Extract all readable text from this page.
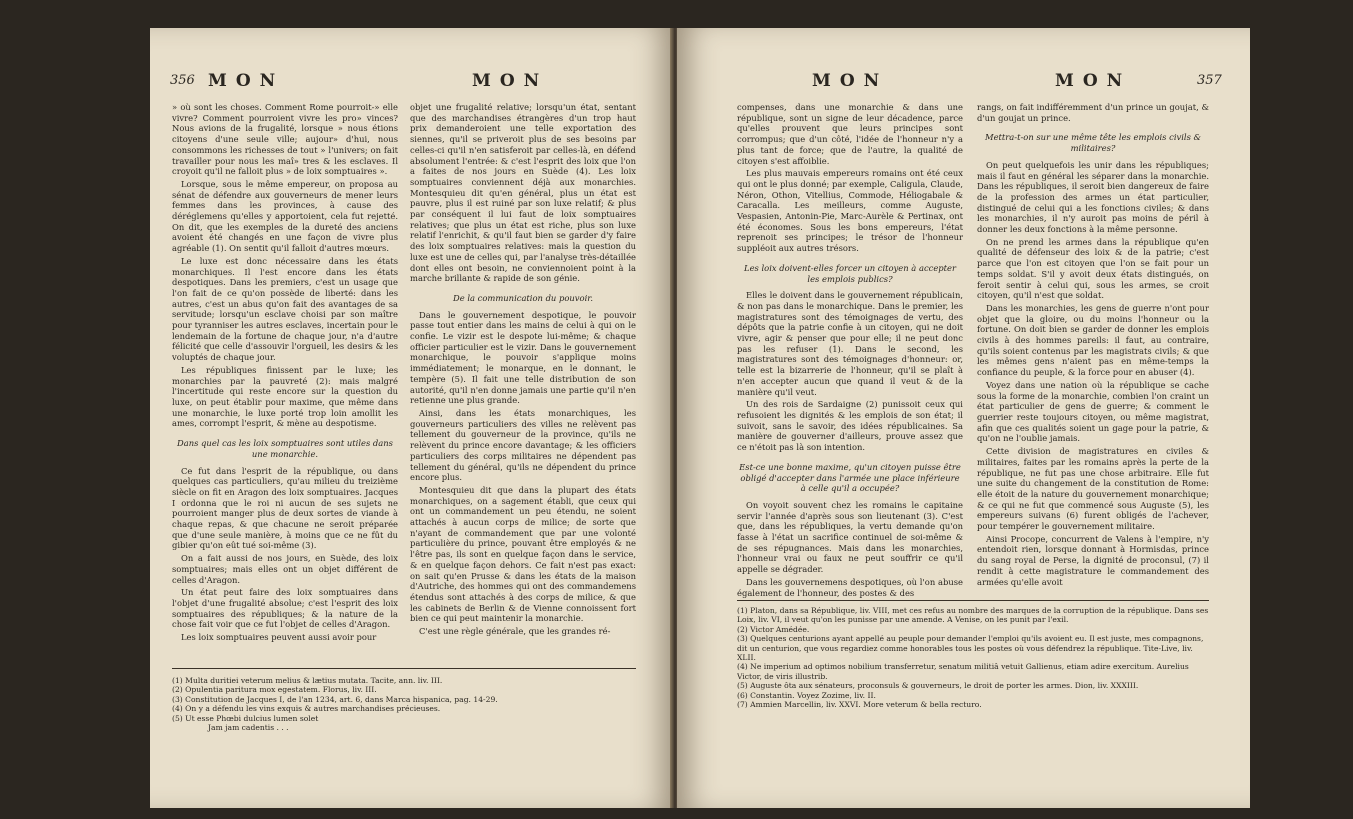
356 MON	MON

» où sont les choses. Comment Rome pourroit-» elle vivre? Comment pourroient vivre les pro» vinces? Nous avions de la frugalité, lorsque » nous étions citoyens d'une seule ville; aujour» d'hui, nous consommons les richesses de tout » l'univers; on fait travailler pour nous les maî» tres & les esclaves. Il croyoit qu'il ne falloit plus » de loix somptuaires ».

Lorsque, sous le même empereur, on proposa au sénat de défendre aux gouverneurs de mener leurs femmes dans les provinces, à cause des déréglemens qu'elles y apportoient, cela fut rejetté. On dit, que les exemples de la dureté des anciens avoient été changés en une façon de vivre plus agréable (1). On sentit qu'il falloit d'autres mœurs.

Le luxe est donc nécessaire dans les états monarchiques. Il l'est encore dans les états despotiques. Dans les premiers, c'est un usage que l'on fait de ce qu'on possède de liberté: dans les autres, c'est un abus qu'on fait des avantages de sa servitude; lorsqu'un esclave choisi par son maître pour tyranniser les autres esclaves, incertain pour le lendemain de la fortune de chaque jour, n'a d'autre félicité que celle d'assouvir l'orgueil, les desirs & les voluptés de chaque jour.

Les républiques finissent par le luxe; les monarchies par la pauvreté (2): mais malgré l'incertitude qui reste encore sur la question du luxe, on peut établir pour maxime, que même dans une monarchie, le luxe porté trop loin amollit les ames, corrompt l'esprit, & mène au despotisme.

Dans quel cas les loix somptuaires sont utiles dans une monarchie.

Ce fut dans l'esprit de la république, ou dans quelques cas particuliers, qu'au milieu du treizième siècle on fit en Aragon des loix somptuaires. Jacques I ordonna que le roi ni aucun de ses sujets ne pourroient manger plus de deux sortes de viande à chaque repas, & que chacune ne seroit préparée que d'une seule manière, à moins que ce ne fût du gibier qu'on eût tué soi-même (3).

On a fait aussi de nos jours, en Suède, des loix somptuaires; mais elles ont un objet différent de celles d'Aragon.

Un état peut faire des loix somptuaires dans l'objet d'une frugalité absolue; c'est l'esprit des loix somptuaires des républiques; & la nature de la chose fait voir que ce fut l'objet de celles d'Aragon.

Les loix somptuaires peuvent aussi avoir pour

objet une frugalité relative; lorsqu'un état, sentant que des marchandises étrangères d'un trop haut prix demanderoient une telle exportation des siennes, qu'il se priveroit plus de ses besoins par celles-ci qu'il n'en satisferoit par celles-là, en défend absolument l'entrée: & c'est l'esprit des loix que l'on a faites de nos jours en Suède (4). Les loix somptuaires conviennent déjà aux monarchies. Montesquieu dit qu'en général, plus un état est pauvre, plus il est ruiné par son luxe relatif; & plus par conséquent il lui faut de loix somptuaires relatives; que plus un état est riche, plus son luxe relatif l'enrichit, & qu'il faut bien se garder d'y faire des loix somptuaires relatives: mais la question du luxe est une de celles qui, par l'analyse très-détaillée dont elles ont besoin, ne conviennoient point à la marche brillante & rapide de son génie.

De la communication du pouvoir.

Dans le gouvernement despotique, le pouvoir passe tout entier dans les mains de celui à qui on le confie. Le vizir est le despote lui-même; & chaque officier particulier est le vizir. Dans le gouvernement monarchique, le pouvoir s'applique moins immédiatement; le monarque, en le donnant, le tempère (5). Il fait une telle distribution de son autorité, qu'il n'en donne jamais une partie qu'il n'en retienne une plus grande.

Ainsi, dans les états monarchiques, les gouverneurs particuliers des villes ne relèvent pas tellement du gouverneur de la province, qu'ils ne relèvent du prince encore davantage; & les officiers particuliers des corps militaires ne dépendent pas tellement du général, qu'ils ne dépendent du prince encore plus.

Montesquieu dit que dans la plupart des états monarchiques, on a sagement établi, que ceux qui ont un commandement un peu étendu, ne soient attachés à aucun corps de milice; de sorte que n'ayant de commandement que par une volonté particulière du prince, pouvant être employés & ne l'être pas, ils sont en quelque façon dans le service, & en quelque façon dehors. Ce fait n'est pas exact: on sait qu'en Prusse & dans les états de la maison d'Autriche, des hommes qui ont des commandemens étendus sont attachés à des corps de milice, & que les cabinets de Berlin & de Vienne connoissent fort bien ce qui peut maintenir la monarchie.

C'est une règle générale, que les grandes ré-

(1) Multa duritiei veterum melius & lætius mutata. Tacite, ann. liv. III.
(2) Opulentia paritura mox egestatem. Florus, liv. III.
(3) Constitution de Jacques I, de l'an 1234, art. 6, dans Marca hispanica, pag. 14-29.
(4) On y a défendu les vins exquis & autres marchandises précieuses.
(5) Ut esse Phœbi dulcius lumen solet
Jam jam cadentis . . .
MON	MON	357

compenses, dans une monarchie & dans une république, sont un signe de leur décadence, parce qu'elles prouvent que leurs principes sont corrompus; que d'un côté, l'idée de l'honneur n'y a plus tant de force; que de l'autre, la qualité de citoyen s'est affoiblie.

Les plus mauvais empereurs romains ont été ceux qui ont le plus donné; par exemple, Caligula, Claude, Néron, Othon, Vitellius, Commode, Héliogabale & Caracalla. Les meilleurs, comme Auguste, Vespasien, Antonin-Pie, Marc-Aurèle & Pertinax, ont été économes. Sous les bons empereurs, l'état reprenoit ses principes; le trésor de l'honneur suppléoit aux autres trésors.

Les loix doivent-elles forcer un citoyen à accepter les emplois publics?

Elles le doivent dans le gouvernement républicain, & non pas dans le monarchique. Dans le premier, les magistratures sont des témoignages de vertu, des dépôts que la patrie confie à un citoyen, qui ne doit vivre, agir & penser que pour elle; il ne peut donc pas les refuser (1). Dans le second, les magistratures sont des témoignages d'honneur: or, telle est la bizarrerie de l'honneur, qu'il se plaît à n'en accepter aucun que quand il veut & de la manière qu'il veut.

Un des rois de Sardaigne (2) punissoit ceux qui refusoient les dignités & les emplois de son état; il suivoit, sans le savoir, des idées républicaines. Sa manière de gouverner d'ailleurs, prouve assez que ce n'étoit pas là son intention.

Est-ce une bonne maxime, qu'un citoyen puisse être obligé d'accepter dans l'armée une place inférieure à celle qu'il a occupée?

On voyoit souvent chez les romains le capitaine servir l'année d'après sous son lieutenant (3). C'est que, dans les républiques, la vertu demande qu'on fasse à l'état un sacrifice continuel de soi-même & de ses répugnances. Mais dans les monarchies, l'honneur vrai ou faux ne peut souffrir ce qu'il appelle se dégrader.

Dans les gouvernemens despotiques, où l'on abuse également de l'honneur, des postes & des

rangs, on fait indifféremment d'un prince un goujat, & d'un goujat un prince.

Mettra-t-on sur une même tête les emplois civils & militaires?

On peut quelquefois les unir dans les républiques; mais il faut en général les séparer dans la monarchie. Dans les républiques, il seroit bien dangereux de faire de la profession des armes un état particulier, distingué de celui qui a les fonctions civiles; & dans les monarchies, il n'y auroit pas moins de péril à donner les deux fonctions à la même personne.

On ne prend les armes dans la république qu'en qualité de défenseur des loix & de la patrie; c'est parce que l'on est citoyen que l'on se fait pour un temps soldat. S'il y avoit deux états distingués, on feroit sentir à celui qui, sous les armes, se croit citoyen, qu'il n'est que soldat.

Dans les monarchies, les gens de guerre n'ont pour objet que la gloire, ou du moins l'honneur ou la fortune. On doit bien se garder de donner les emplois civils à des hommes pareils: il faut, au contraire, qu'ils soient contenus par les magistrats civils; & que les mêmes gens n'aient pas en même-temps la confiance du peuple, & la force pour en abuser (4).

Voyez dans une nation où la république se cache sous la forme de la monarchie, combien l'on craint un état particulier de gens de guerre; & comment le guerrier reste toujours citoyen, ou même magistrat, afin que ces qualités soient un gage pour la patrie, & qu'on ne l'oublie jamais.

Cette division de magistratures en civiles & militaires, faites par les romains après la perte de la république, ne fut pas une chose arbitraire. Elle fut une suite du changement de la constitution de Rome: elle étoit de la nature du gouvernement monarchique; & ce qui ne fut que commencé sous Auguste (5), les empereurs suivans (6) furent obligés de l'achever, pour tempérer le gouvernement militaire.

Ainsi Procope, concurrent de Valens à l'empire, n'y entendoit rien, lorsque donnant à Hormisdas, prince du sang royal de Perse, la dignité de proconsul, (7) il rendit à cette magistrature le commandement des armées qu'elle avoit

(1) Platon, dans sa République, liv. VIII, met ces refus au nombre des marques de la corruption de la république. Dans ses Loix, liv. VI, il veut qu'on les punisse par une amende. A Venise, on les punit par l'exil.
(2) Victor Amédée.
(3) Quelques centurions ayant appellé au peuple pour demander l'emploi qu'ils avoient eu. Il est juste, mes compagnons, dit un centurion, que vous regardiez comme honorables tous les postes où vous défendrez la république. Tite-Live, liv. XLII.
(4) Ne imperium ad optimos nobilium transferretur, senatum militiâ vetuit Gallienus, etiam adire exercitum. Aurelius Victor, de viris illustrib.
(5) Auguste ôta aux sénateurs, proconsuls & gouverneurs, le droit de porter les armes. Dion, liv. XXXIII.
(6) Constantin. Voyez Zozime, liv. II.
(7) Ammien Marcellin, liv. XXVI. More veterum & bella recturo.
